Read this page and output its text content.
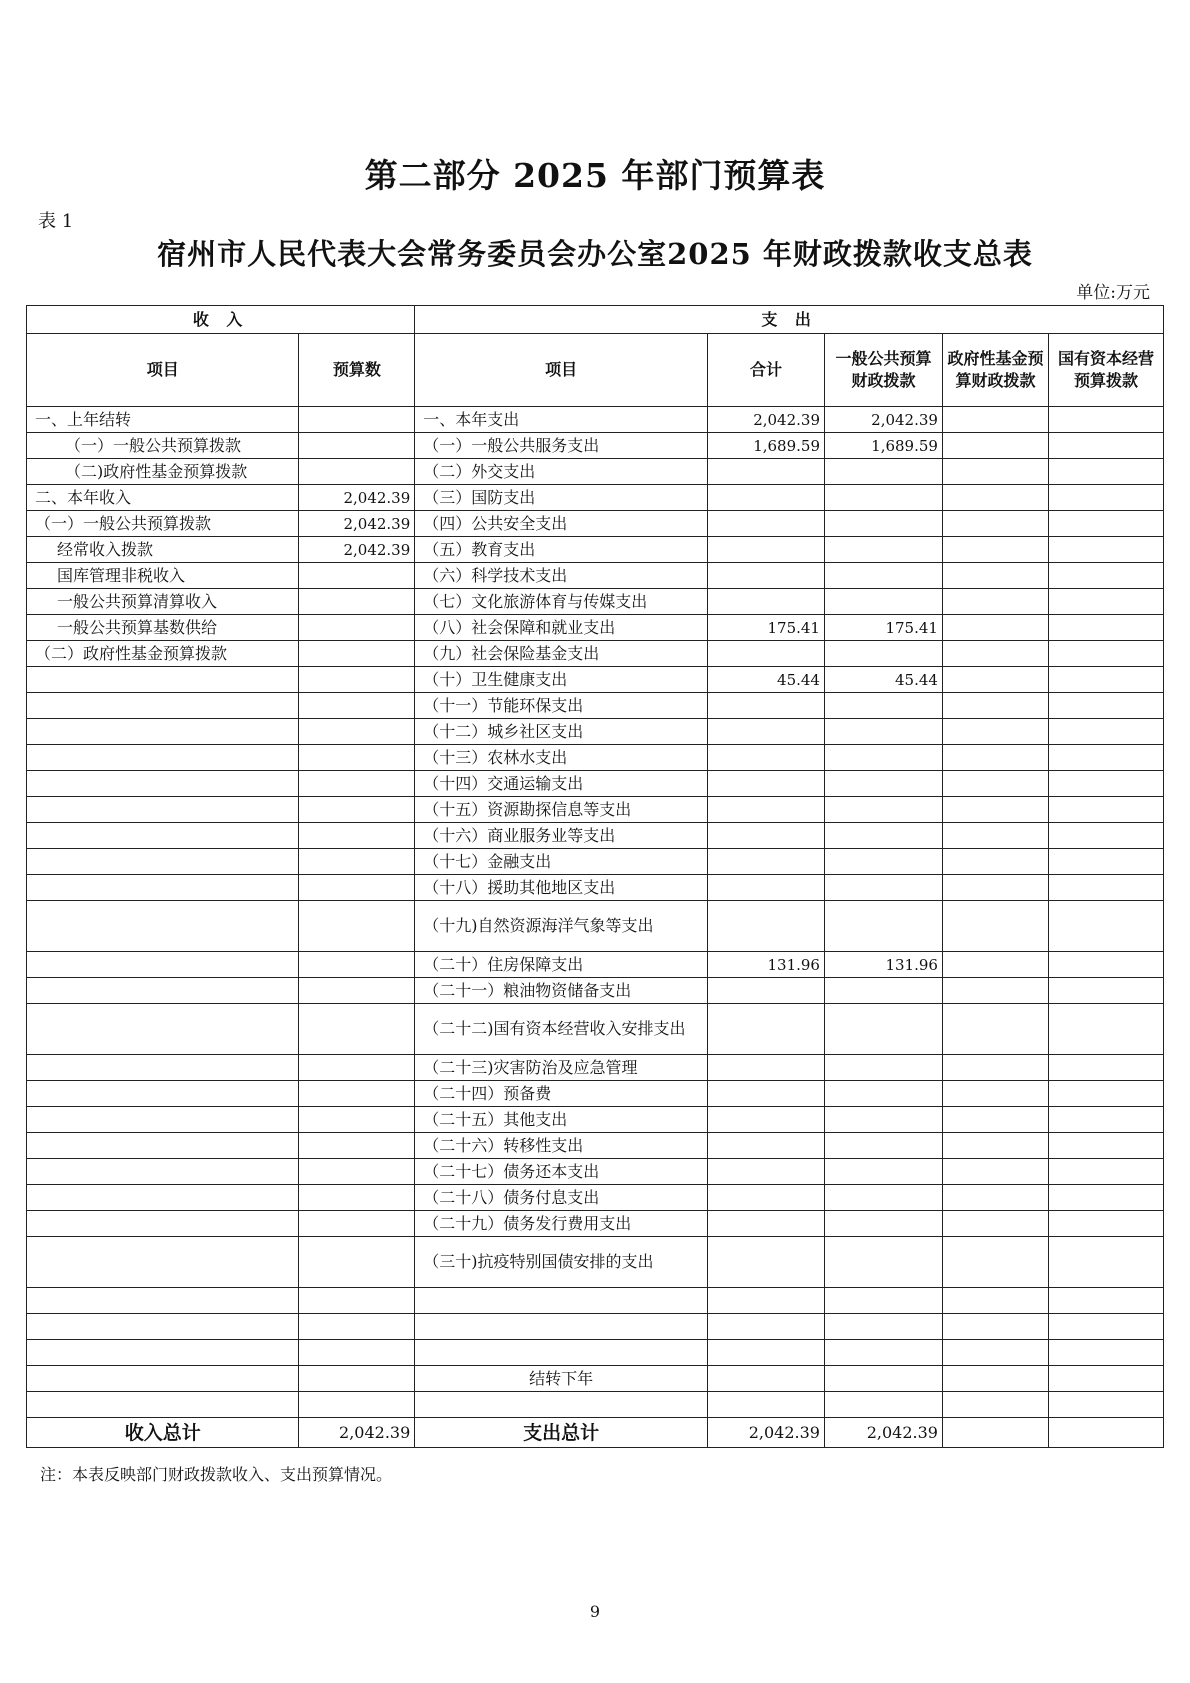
第二部分 2025 年部门预算表
表 1
宿州市人民代表大会常务委员会办公室2025 年财政拨款收支总表
单位:万元
收 入		支 出				
项目	预算数	项目	合计	一般公共预算财政拨款	政府性基金预算财政拨款	国有资本经营预算拨款
一、上年结转		一、本年支出	2,042.39	2,042.39		
（一）一般公共预算拨款		（一）一般公共服务支出	1,689.59	1,689.59		
（二)政府性基金预算拨款		（二）外交支出				
二、本年收入	2,042.39	（三）国防支出				
（一）一般公共预算拨款	2,042.39	（四）公共安全支出				
经常收入拨款	2,042.39	（五）教育支出				
国库管理非税收入		（六）科学技术支出				
一般公共预算清算收入		（七）文化旅游体育与传媒支出				
一般公共预算基数供给		（八）社会保障和就业支出	175.41	175.41		
（二）政府性基金预算拨款		（九）社会保险基金支出				
		（十）卫生健康支出	45.44	45.44		
		（十一）节能环保支出				
		（十二）城乡社区支出				
		（十三）农林水支出				
		（十四）交通运输支出				
		（十五）资源勘探信息等支出				
		（十六）商业服务业等支出				
		（十七）金融支出				
		（十八）援助其他地区支出				
		（十九)自然资源海洋气象等支出				
		（二十）住房保障支出	131.96	131.96		
		（二十一）粮油物资储备支出				
		（二十二)国有资本经营收入安排支出				
		（二十三)灾害防治及应急管理				
		（二十四）预备费				
		（二十五）其他支出				
		（二十六）转移性支出				
		（二十七）债务还本支出				
		（二十八）债务付息支出				
		（二十九）债务发行费用支出				
		（三十)抗疫特别国债安排的支出				

		结转下年				

收入总计	2,042.39	支出总计	2,042.39	2,042.39		
注：本表反映部门财政拨款收入、支出预算情况。
9
